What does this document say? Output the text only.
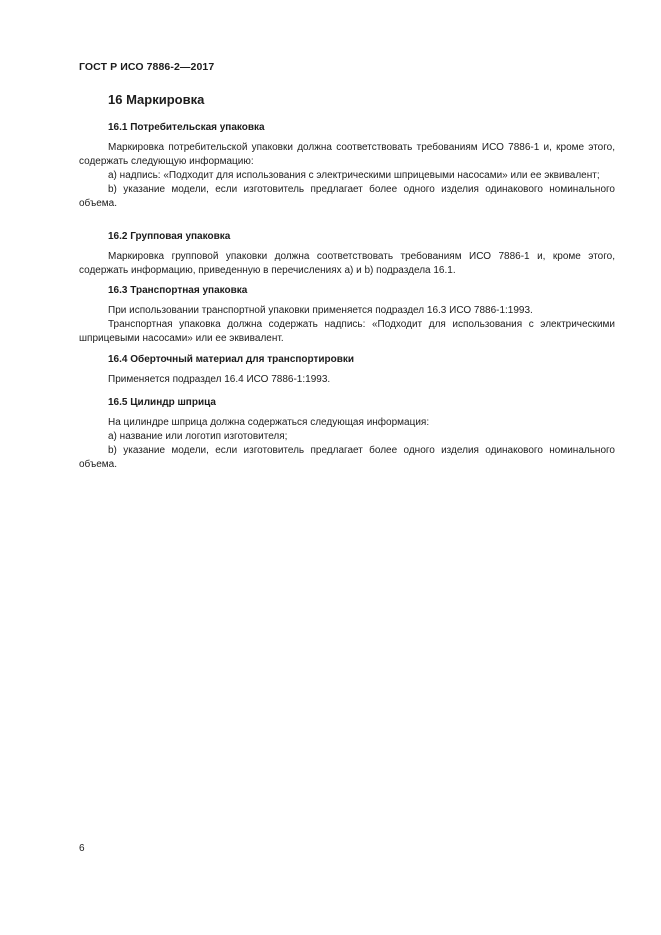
ГОСТ Р ИСО 7886-2—2017
16 Маркировка

16.1 Потребительская упаковка

Маркировка потребительской упаковки должна соответствовать требованиям ИСО 7886-1 и, кроме этого, содержать следующую информацию:

a) надпись: «Подходит для использования с электрическими шприцевыми насосами» или ее эквивалент;

b) указание модели, если изготовитель предлагает более одного изделия одинакового номинального объема.

16.2 Групповая упаковка

Маркировка групповой упаковки должна соответствовать требованиям ИСО 7886-1 и, кроме этого, содержать информацию, приведенную в перечислениях a) и b) подраздела 16.1.

16.3 Транспортная упаковка

При использовании транспортной упаковки применяется подраздел 16.3 ИСО 7886-1:1993.

Транспортная упаковка должна содержать надпись: «Подходит для использования с электрическими шприцевыми насосами» или ее эквивалент.

16.4 Оберточный материал для транспортировки

Применяется подраздел 16.4 ИСО 7886-1:1993.

16.5 Цилиндр шприца

На цилиндре шприца должна содержаться следующая информация:

a) название или логотип изготовителя;

b) указание модели, если изготовитель предлагает более одного изделия одинакового номинального объема.

6
